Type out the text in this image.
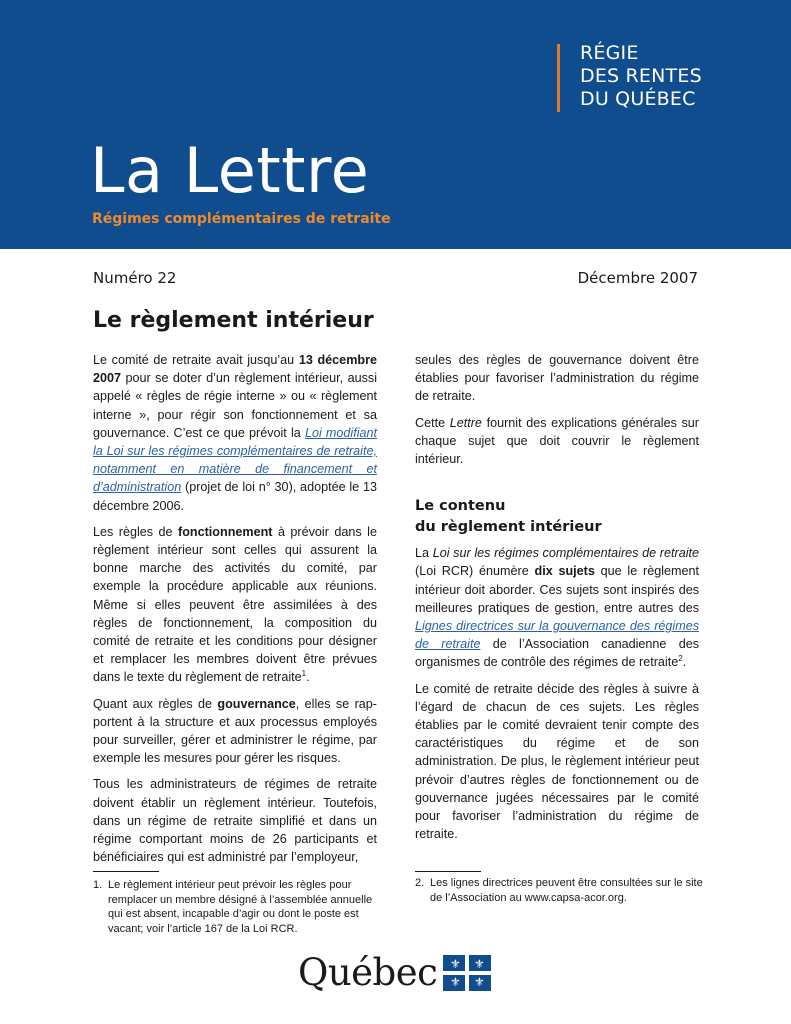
RÉGIE
DES RENTES
DU QUÉBEC
La Lettre
Régimes complémentaires de retraite
Numéro 22	Décembre 2007
Le règlement intérieur

Le comité de retraite avait jusqu’au 13 décembre 2007 pour se doter d’un règlement intérieur, aussi appelé « règles de régie interne » ou « règlement interne », pour régir son fonctionnement et sa gouvernance. C’est ce que prévoit la Loi modifiant la Loi sur les régimes complémentaires de retraite, notamment en matière de financement et d’administration (projet de loi n° 30), adoptée le 13 décembre 2006.

Les règles de fonctionnement à prévoir dans le règlement intérieur sont celles qui assurent la bonne marche des activités du comité, par exemple la procédure applicable aux réunions. Même si elles peuvent être assimilées à des règles de fonctionnement, la composition du comité de retraite et les conditions pour désigner et remplacer les membres doivent être prévues dans le texte du règlement de retraite$^1$.

Quant aux règles de gouvernance, elles se rapportent à la structure et aux processus employés pour surveiller, gérer et administrer le régime, par exemple les mesures pour gérer les risques.

Tous les administrateurs de régimes de retraite doivent établir un règlement intérieur. Toutefois, dans un régime de retraite simplifié et dans un régime comportant moins de 26 participants et bénéficiaires qui est administré par l’employeur,

seules des règles de gouvernance doivent être établies pour favoriser l’administration du régime de retraite.

Cette Lettre fournit des explications générales sur chaque sujet que doit couvrir le règlement intérieur.

Le contenu
du règlement intérieur

La Loi sur les régimes complémentaires de retraite (Loi RCR) énumère dix sujets que le règlement intérieur doit aborder. Ces sujets sont inspirés des meilleures pratiques de gestion, entre autres des Lignes directrices sur la gouvernance des régimes de retraite de l’Association canadienne des organismes de contrôle des régimes de retraite$^2$.

Le comité de retraite décide des règles à suivre à l’égard de chacun de ces sujets. Les règles établies par le comité devraient tenir compte des caractéristiques du régime et de son administration. De plus, le règlement intérieur peut prévoir d’autres règles de fonctionnement ou de gouvernance jugées nécessaires par le comité pour favoriser l’administration du régime de retraite.

1. Le règlement intérieur peut prévoir les règles pour remplacer un membre désigné à l’assemblée annuelle qui est absent, incapable d’agir ou dont le poste est vacant; voir l’article 167 de la Loi RCR.
2. Les lignes directrices peuvent être consultées sur le site de l’Association au www.capsa-acor.org.
Québec ⚜ ⚜
⚜ ⚜
